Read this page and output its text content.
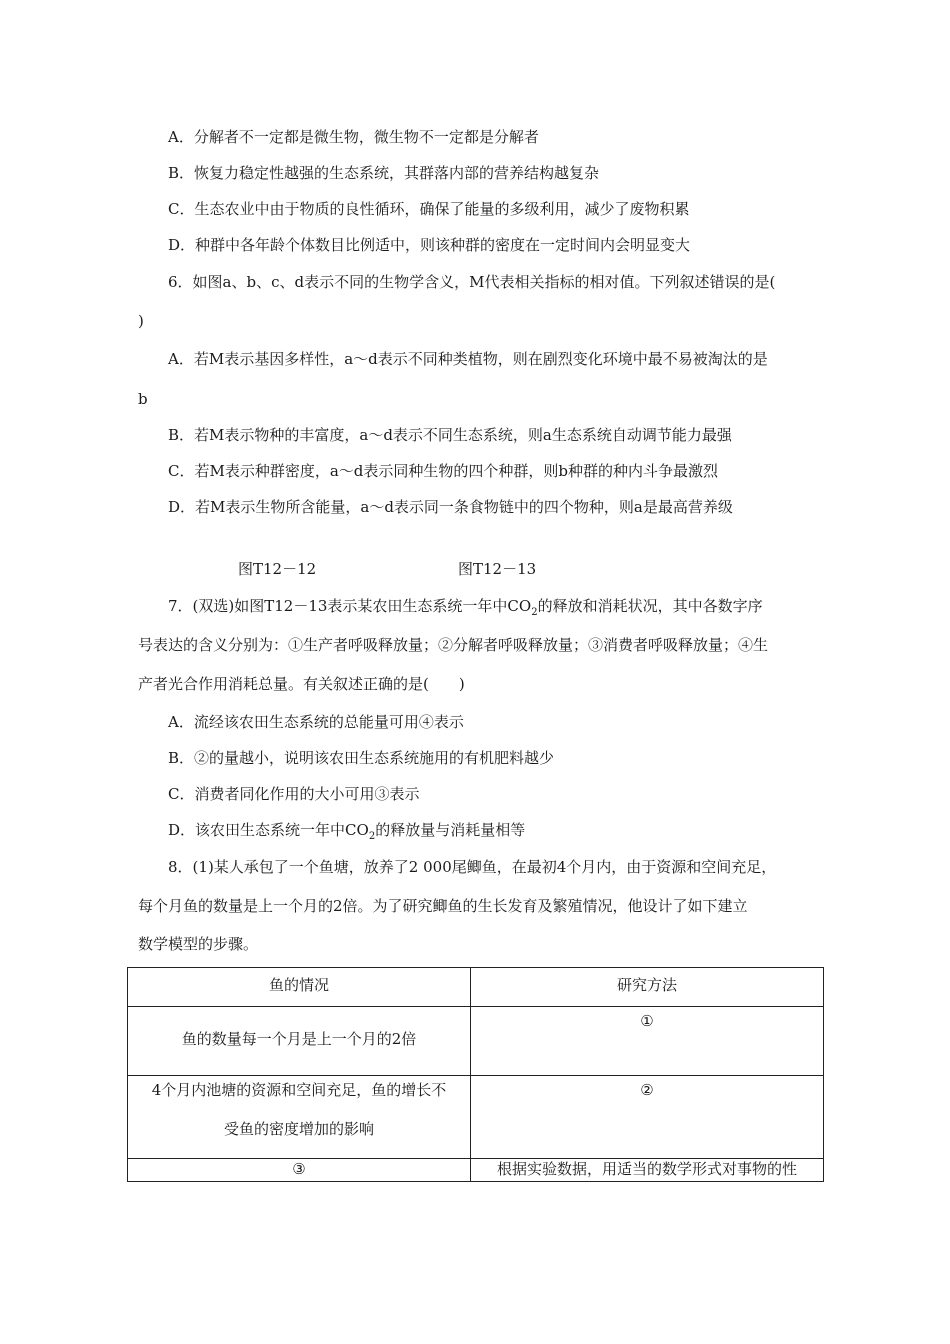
A．分解者不一定都是微生物，微生物不一定都是分解者
B．恢复力稳定性越强的生态系统，其群落内部的营养结构越复杂
C．生态农业中由于物质的良性循环，确保了能量的多级利用，减少了废物积累
D．种群中各年龄个体数目比例适中，则该种群的密度在一定时间内会明显变大
6．如图a、b、c、d表示不同的生物学含义，M代表相关指标的相对值。下列叙述错误的是(
)
A．若M表示基因多样性，a～d表示不同种类植物，则在剧烈变化环境中最不易被淘汰的是
b
B．若M表示物种的丰富度，a～d表示不同生态系统，则a生态系统自动调节能力最强
C．若M表示种群密度，a～d表示同种生物的四个种群，则b种群的种内斗争最激烈
D．若M表示生物所含能量，a～d表示同一条食物链中的四个物种，则a是最高营养级
图T12－12	图T12－13
7．(双选)如图T12－13表示某农田生态系统一年中$CO_2$的释放和消耗状况，其中各数字序
号表达的含义分别为：①生产者呼吸释放量；②分解者呼吸释放量；③消费者呼吸释放量；④生
产者光合作用消耗总量。有关叙述正确的是(　　)
A．流经该农田生态系统的总能量可用④表示
B．②的量越小，说明该农田生态系统施用的有机肥料越少
C．消费者同化作用的大小可用③表示
D．该农田生态系统一年中$CO_2$的释放量与消耗量相等
8．(1)某人承包了一个鱼塘，放养了2 000尾鲫鱼，在最初4个月内，由于资源和空间充足，
每个月鱼的数量是上一个月的2倍。为了研究鲫鱼的生长发育及繁殖情况，他设计了如下建立
数学模型的步骤。
鱼的情况	研究方法

鱼的数量每一个月是上一个月的2倍	①

4个月内池塘的资源和空间充足，鱼的增长不
受鱼的密度增加的影响	②

③	根据实验数据，用适当的数学形式对事物的性
